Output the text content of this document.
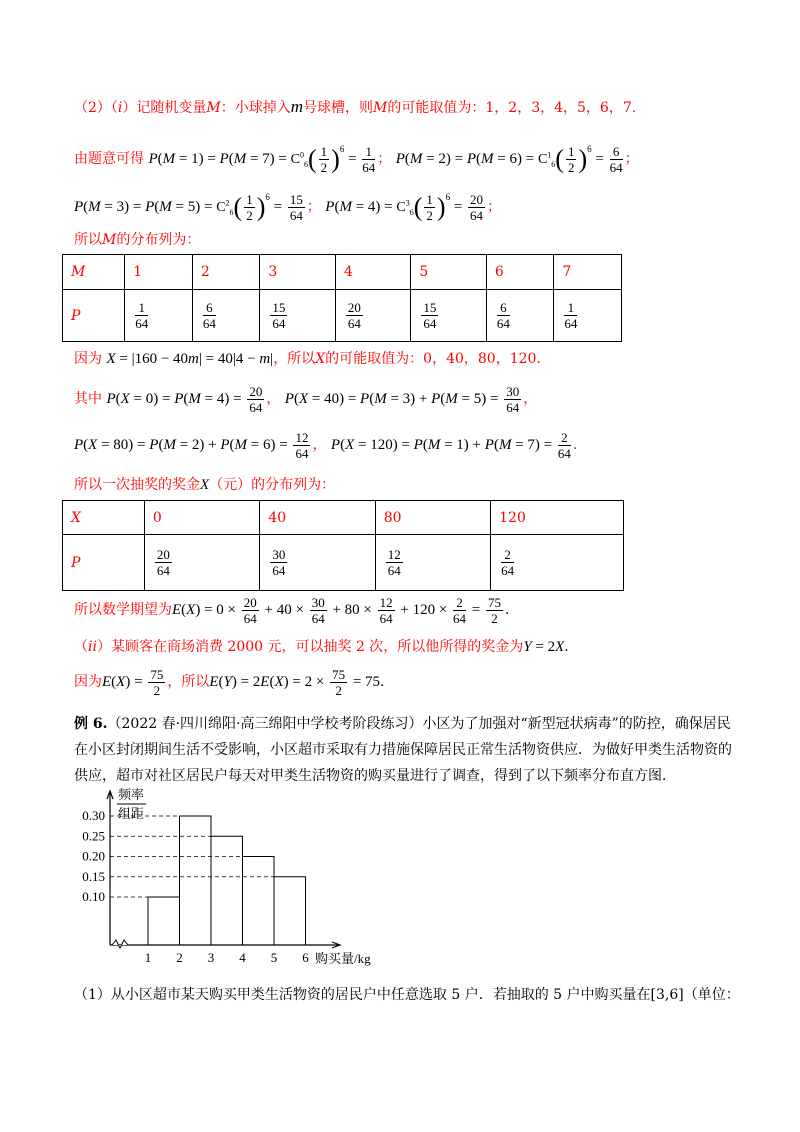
（2）（i）记随机变量M：小球掉入m号球槽，则M的可能取值为：1，2，3，4，5，6，7.
由题意可得 $P(M = 1) = P(M = 7) = C^0_6( \frac{1}{2} )^6 = \frac{1}{64}$ ； $P(M = 2) = P(M = 6) = C^1_6( \frac{1}{2} )^6 = \frac{6}{64}$ ；
$P(M = 3) = P(M = 5) = C^2_6( \frac{1}{2} )^6 = \frac{15}{64}$ ； $P(M = 4) = C^3_6( \frac{1}{2} )^6 = \frac{20}{64}$ ；
所以M的分布列为：
M	1	2	3	4	5	6	7
P	$\frac{1}{64}$	$\frac{6}{64}$	$\frac{15}{64}$	$\frac{20}{64}$	$\frac{15}{64}$	$\frac{6}{64}$	$\frac{1}{64}$
因为 X = |160 − 40m| = 40|4 − m|，所以X的可能取值为：0，40，80，120.
其中 $P(X = 0) = P(M = 4) = \frac{20}{64}$ ， $P(X = 40) = P(M = 3) + P(M = 5) = \frac{30}{64}$ ，
$P(X = 80) = P(M = 2) + P(M = 6) = \frac{12}{64}$ ， $P(X = 120) = P(M = 1) + P(M = 7) = \frac{2}{64}$ .
所以一次抽奖的奖金X（元）的分布列为：
X	0	40	80	120
P	$\frac{20}{64}$	$\frac{30}{64}$	$\frac{12}{64}$	$\frac{2}{64}$
所以数学期望为$E(X) = 0 \times \frac{20}{64} + 40 \times \frac{30}{64} + 80 \times \frac{12}{64} + 120 \times \frac{2}{64} = \frac{75}{2}$ .
（ii）某顾客在商场消费 2000 元，可以抽奖 2 次，所以他所得的奖金为Y = 2X.
因为$E(X) = \frac{75}{2}$ ，所以$E(Y) = 2E(X) = 2 \times \frac{75}{2} = 75$.
例 6.（2022 春·四川绵阳·高三绵阳中学校考阶段练习）小区为了加强对“新型冠状病毒”的防控，确保居民在小区封闭期间生活不受影响，小区超市采取有力措施保障居民正常生活物资供应．为做好甲类生活物资的供应，超市对社区居民户每天对甲类生活物资的购买量进行了调查，得到了以下频率分布直方图．
0.10
0.15
0.20
0.25
0.30
1 2 3 4 5 6 购买量/kg
频率
组距
（1）从小区超市某天购买甲类生活物资的居民户中任意选取 5 户．若抽取的 5 户中购买量在[3,6]（单位：
